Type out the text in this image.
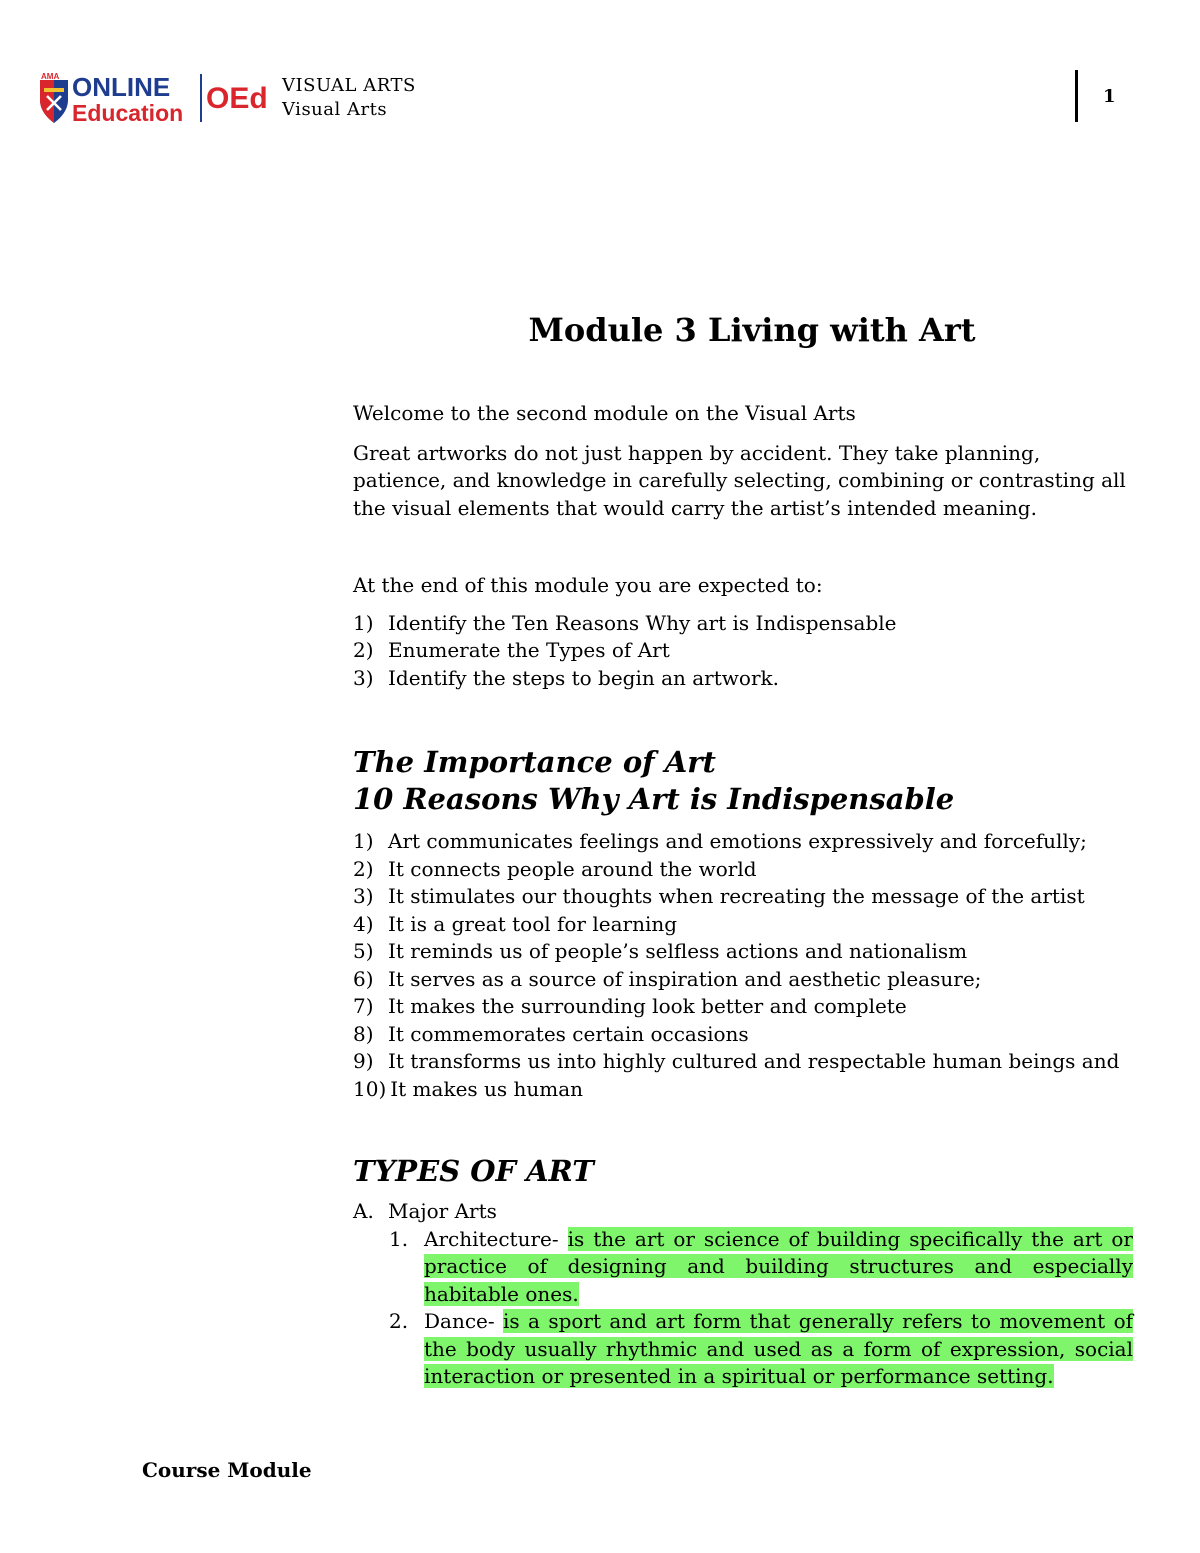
AMA ONLINE
Education OEd VISUAL ARTS
Visual Arts
1
Module 3 Living with Art

Welcome to the second module on the Visual Arts

Great artworks do not just happen by accident. They take planning, patience, and knowledge in carefully selecting, combining or contrasting all the visual elements that would carry the artist’s intended meaning.

At the end of this module you are expected to:

1) Identify the Ten Reasons Why art is Indispensable
2) Enumerate the Types of Art
3) Identify the steps to begin an artwork.
The Importance of Art
10 Reasons Why Art is Indispensable
1) Art communicates feelings and emotions expressively and forcefully;
2) It connects people around the world
3) It stimulates our thoughts when recreating the message of the artist
4) It is a great tool for learning
5) It reminds us of people’s selfless actions and nationalism
6) It serves as a source of inspiration and aesthetic pleasure;
7) It makes the surrounding look better and complete
8) It commemorates certain occasions
9) It transforms us into highly cultured and respectable human beings and
10) It makes us human
TYPES OF ART
A. Major Arts
1. Architecture- is the art or science of building specifically the art or practice of designing and building structures and especially habitable ones.
2. Dance- is a sport and art form that generally refers to movement of the body usually rhythmic and used as a form of expression, social interaction or presented in a spiritual or performance setting.
Course Module
